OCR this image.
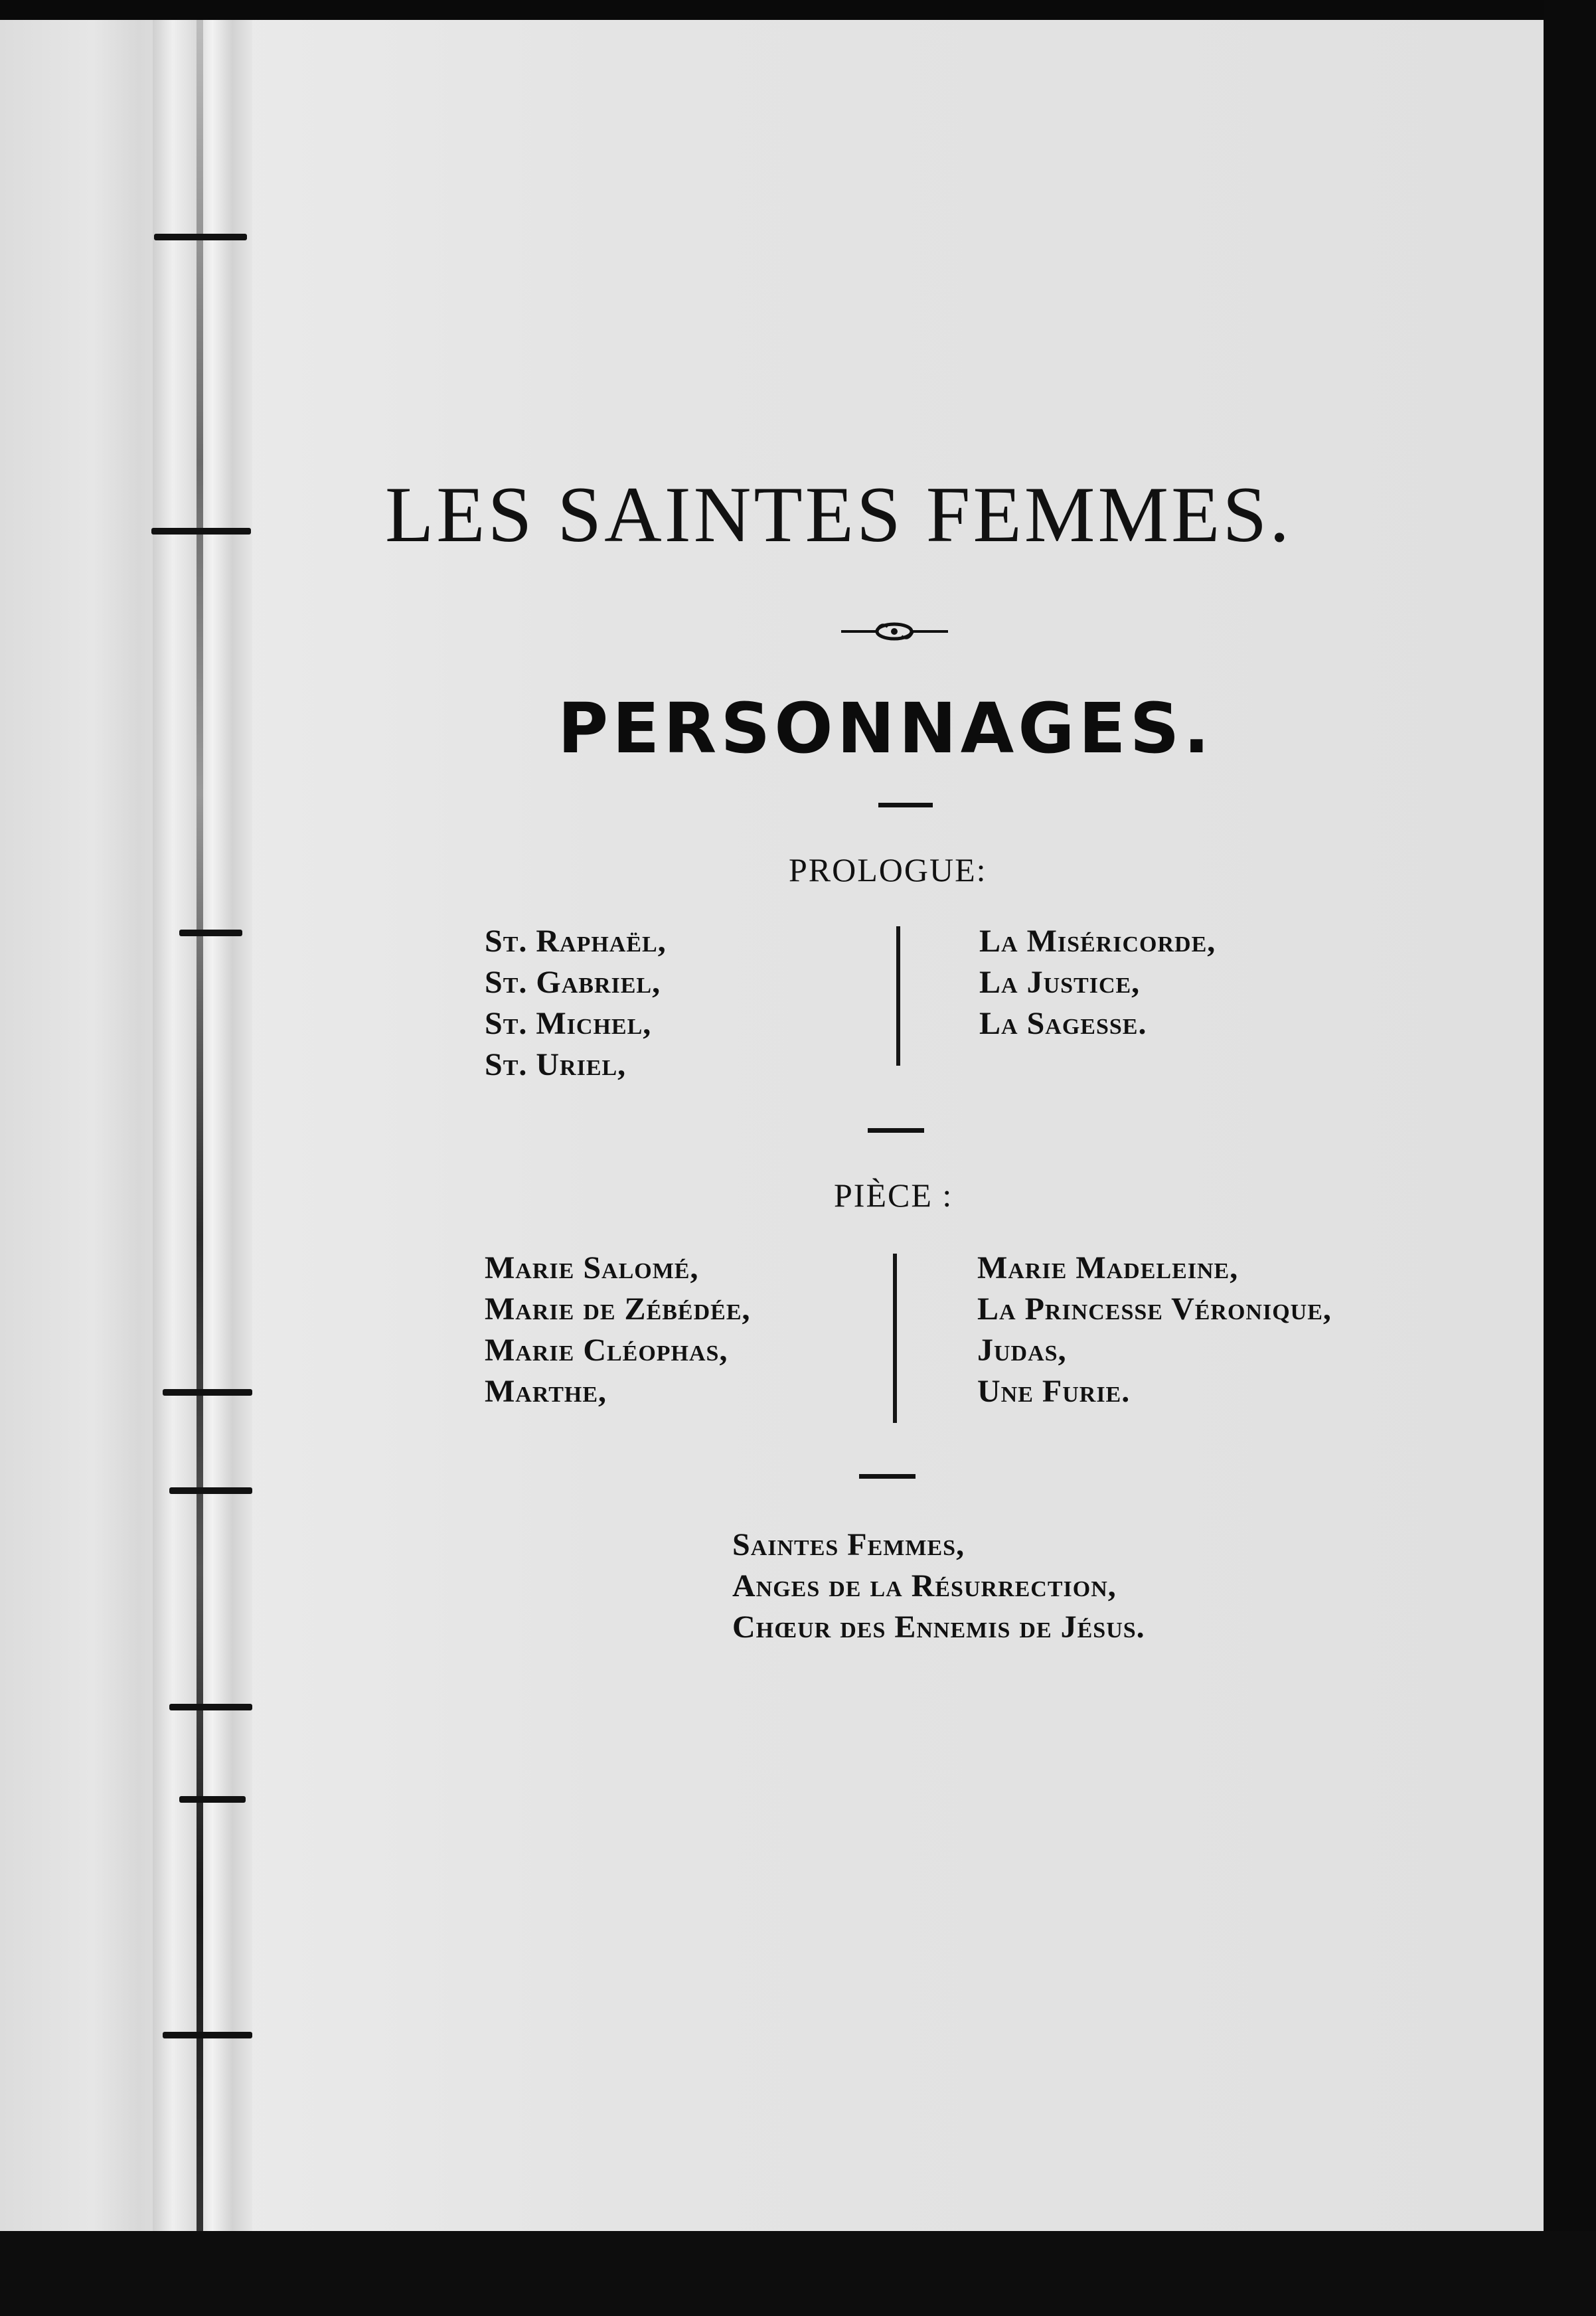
LES SAINTES FEMMES.
PERSONNAGES.
PROLOGUE:
St. Raphaël,
St. Gabriel,
St. Michel,
St. Uriel,
La Miséricorde,
La Justice,
La Sagesse.
PIÈCE :
Marie Salomé,
Marie de Zébédée,
Marie Cléophas,
Marthe,
Marie Madeleine,
La Princesse Véronique,
Judas,
Une Furie.
Saintes Femmes,
Anges de la Résurrection,
Chœur des Ennemis de Jésus.
